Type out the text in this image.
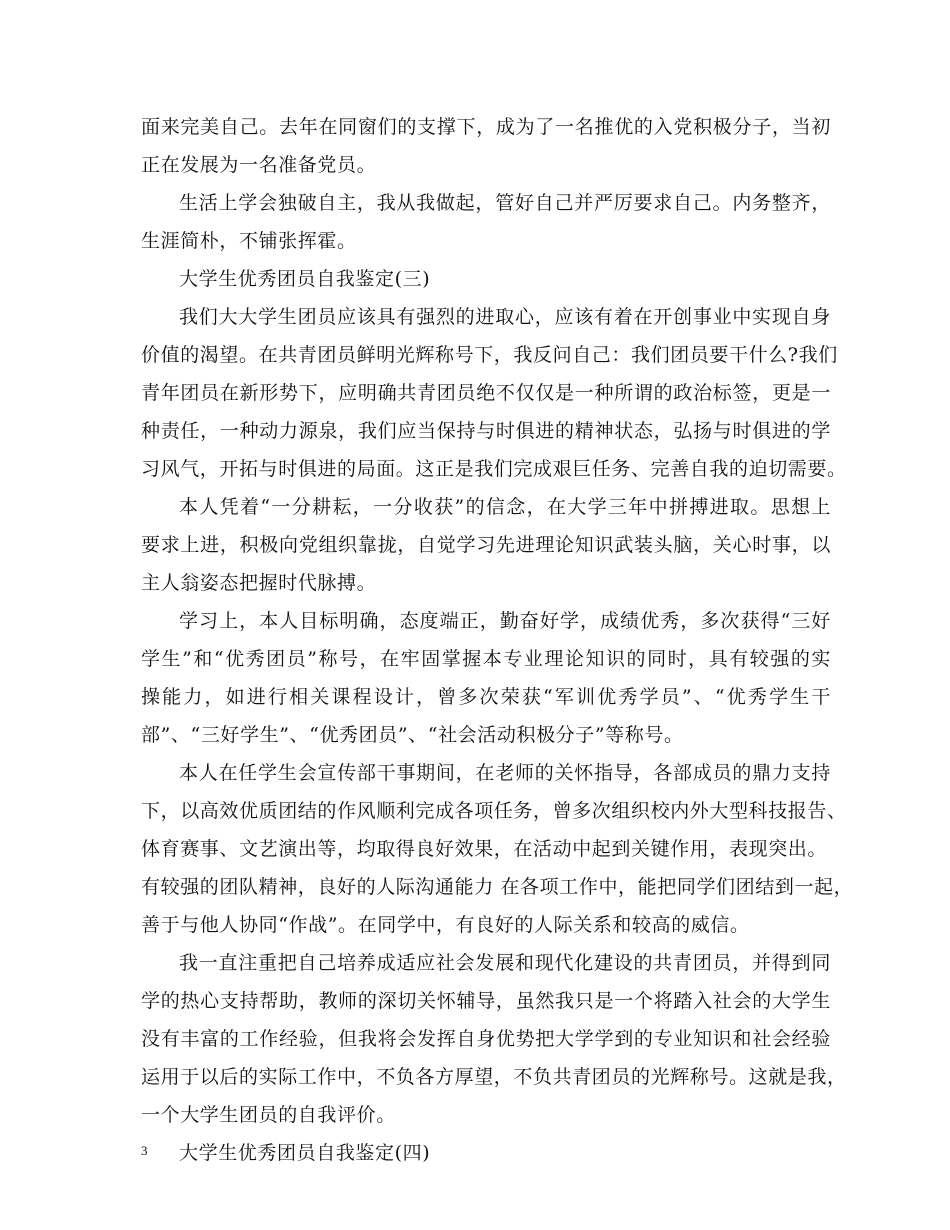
面来完美自己。去年在同窗们的支撑下，成为了一名推优的入党积极分子，当初
正在发展为一名准备党员。
生活上学会独破自主，我从我做起，管好自己并严厉要求自己。内务整齐，
生涯简朴，不铺张挥霍。
大学生优秀团员自我鉴定(三)
我们大大学生团员应该具有强烈的进取心，应该有着在开创事业中实现自身
价值的渴望。在共青团员鲜明光辉称号下，我反问自己：我们团员要干什么?我们
青年团员在新形势下，应明确共青团员绝不仅仅是一种所谓的政治标签，更是一
种责任，一种动力源泉，我们应当保持与时俱进的精神状态，弘扬与时俱进的学
习风气，开拓与时俱进的局面。这正是我们完成艰巨任务、完善自我的迫切需要。
本人凭着“一分耕耘，一分收获”的信念，在大学三年中拼搏进取。思想上
要求上进，积极向党组织靠拢，自觉学习先进理论知识武装头脑，关心时事，以
主人翁姿态把握时代脉搏。
学习上，本人目标明确，态度端正，勤奋好学，成绩优秀，多次获得“三好
学生”和“优秀团员”称号，在牢固掌握本专业理论知识的同时，具有较强的实
操能力，如进行相关课程设计，曾多次荣获“军训优秀学员”、“优秀学生干
部”、“三好学生”、“优秀团员”、“社会活动积极分子”等称号。
本人在任学生会宣传部干事期间，在老师的关怀指导，各部成员的鼎力支持
下，以高效优质团结的作风顺利完成各项任务，曾多次组织校内外大型科技报告、
体育赛事、文艺演出等，均取得良好效果，在活动中起到关键作用，表现突出。
有较强的团队精神，良好的人际沟通能力 在各项工作中，能把同学们团结到一起，
善于与他人协同“作战”。在同学中，有良好的人际关系和较高的威信。
我一直注重把自己培养成适应社会发展和现代化建设的共青团员，并得到同
学的热心支持帮助，教师的深切关怀辅导，虽然我只是一个将踏入社会的大学生
没有丰富的工作经验，但我将会发挥自身优势把大学学到的专业知识和社会经验
运用于以后的实际工作中，不负各方厚望，不负共青团员的光辉称号。这就是我，
一个大学生团员的自我评价。
大学生优秀团员自我鉴定(四)
3
